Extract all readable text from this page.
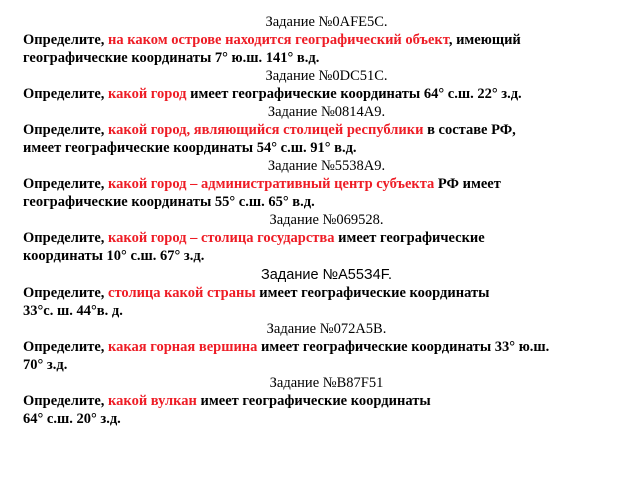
Задание №0AFE5C.

Определите, на каком острове находится географический объект, имеющий
географические координаты 7° ю.ш. 141° в.д.

Задание №0DC51C.

Определите, какой город имеет географические координаты 64° с.ш. 22° з.д.

Задание №0814A9.

Определите, какой город, являющийся столицей республики в составе РФ,
имеет географические координаты 54° с.ш. 91° в.д.

Задание №5538A9.

Определите, какой город – административный центр субъекта РФ имеет
географические координаты 55° с.ш. 65° в.д.

Задание №069528.

Определите, какой город – столица государства имеет географические
координаты 10° с.ш. 67° з.д.

Задание №A55З4F.

Определите, столица какой страны имеет географические координаты
33°с. ш. 44°в. д.

Задание №072A5B.

Определите, какая горная вершина имеет географические координаты 33° ю.ш.
70° з.д.

Задание №B87F51

Определите, какой вулкан имеет географические координаты
64° с.ш. 20° з.д.
